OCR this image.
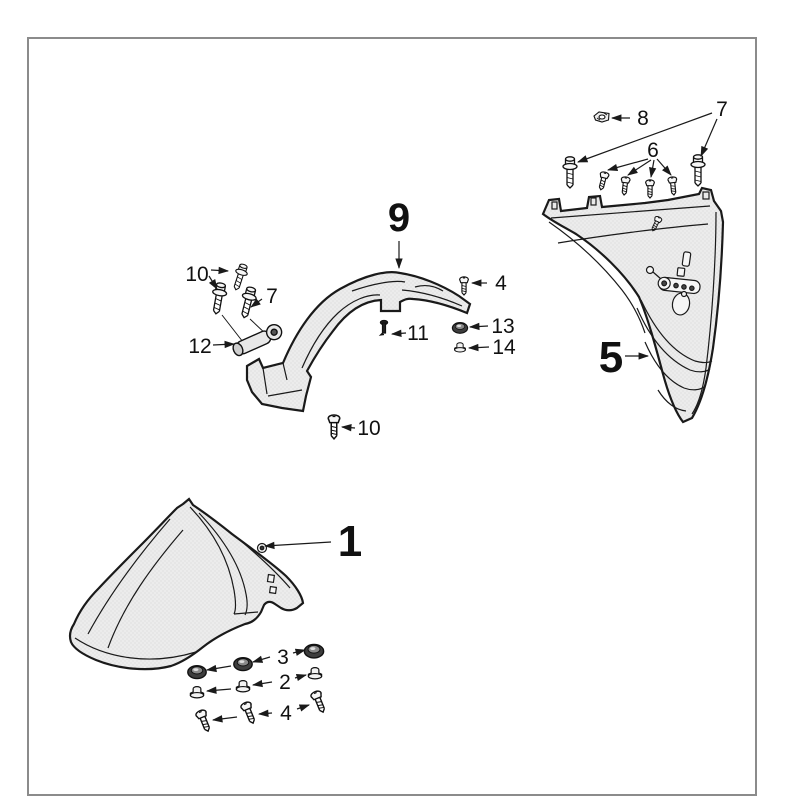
9
1
5
8	7
6
10
7
12
4
11	13
14
10
3
2
4
